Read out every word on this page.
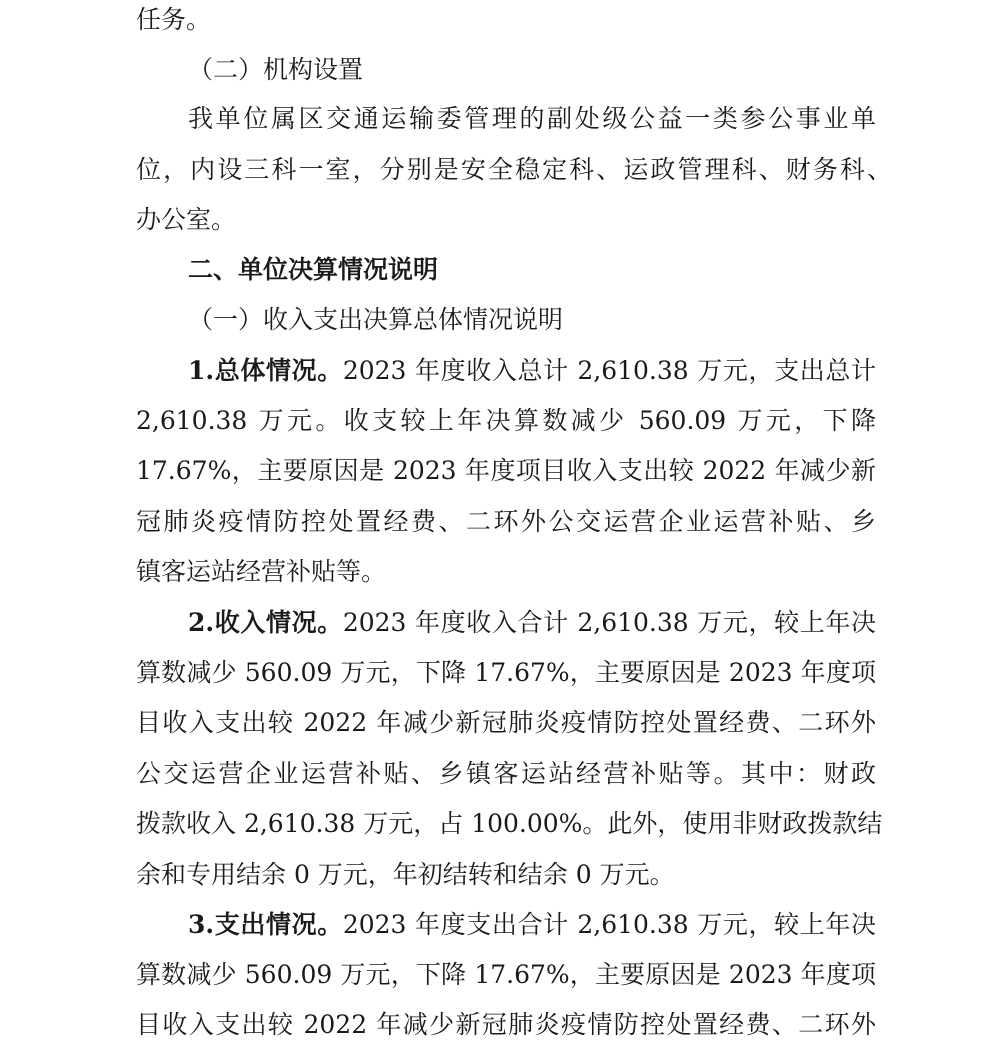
任务。
（二）机构设置
我单位属区交通运输委管理的副处级公益一类参公事业单
位，内设三科一室，分别是安全稳定科、运政管理科、财务科、
办公室。
二、单位决算情况说明
（一）收入支出决算总体情况说明
1.总体情况。2023 年度收入总计 2,610.38 万元，支出总计
2,610.38 万元。收支较上年决算数减少 560.09 万元，下降
17.67%，主要原因是 2023 年度项目收入支出较 2022 年减少新
冠肺炎疫情防控处置经费、二环外公交运营企业运营补贴、乡
镇客运站经营补贴等。
2.收入情况。2023 年度收入合计 2,610.38 万元，较上年决
算数减少 560.09 万元，下降 17.67%，主要原因是 2023 年度项
目收入支出较 2022 年减少新冠肺炎疫情防控处置经费、二环外
公交运营企业运营补贴、乡镇客运站经营补贴等。其中：财政
拨款收入 2,610.38 万元，占 100.00%。此外，使用非财政拨款结
余和专用结余 0 万元，年初结转和结余 0 万元。
3.支出情况。2023 年度支出合计 2,610.38 万元，较上年决
算数减少 560.09 万元，下降 17.67%，主要原因是 2023 年度项
目收入支出较 2022 年减少新冠肺炎疫情防控处置经费、二环外
